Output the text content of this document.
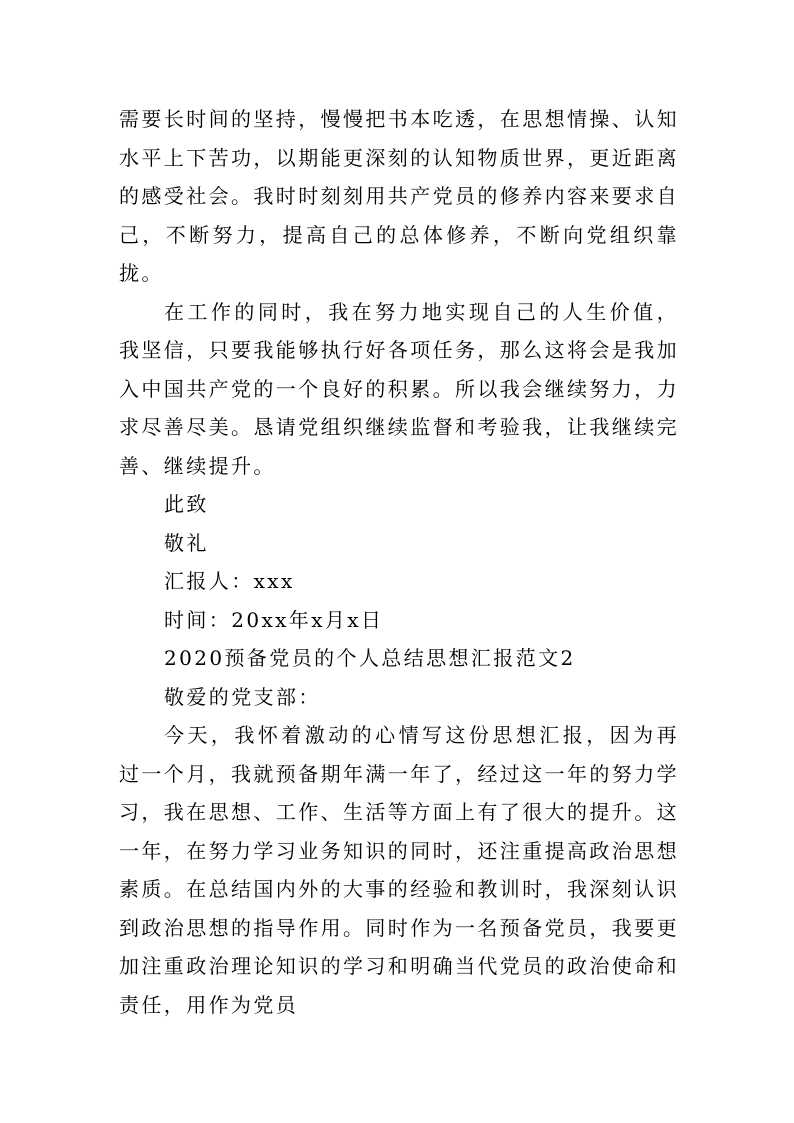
需要长时间的坚持，慢慢把书本吃透，在思想情操、认知水平上下苦功，以期能更深刻的认知物质世界，更近距离的感受社会。我时时刻刻用共产党员的修养内容来要求自己，不断努力，提高自己的总体修养，不断向党组织靠拢。

在工作的同时，我在努力地实现自己的人生价值，我坚信，只要我能够执行好各项任务，那么这将会是我加入中国共产党的一个良好的积累。所以我会继续努力，力求尽善尽美。恳请党组织继续监督和考验我，让我继续完善、继续提升。

此致

敬礼

汇报人：xxx

时间：20xx年x月x日

2020预备党员的个人总结思想汇报范文2

敬爱的党支部：

今天，我怀着激动的心情写这份思想汇报，因为再过一个月，我就预备期年满一年了，经过这一年的努力学习，我在思想、工作、生活等方面上有了很大的提升。这一年，在努力学习业务知识的同时，还注重提高政治思想素质。在总结国内外的大事的经验和教训时，我深刻认识到政治思想的指导作用。同时作为一名预备党员，我要更加注重政治理论知识的学习和明确当代党员的政治使命和责任，用作为党员
